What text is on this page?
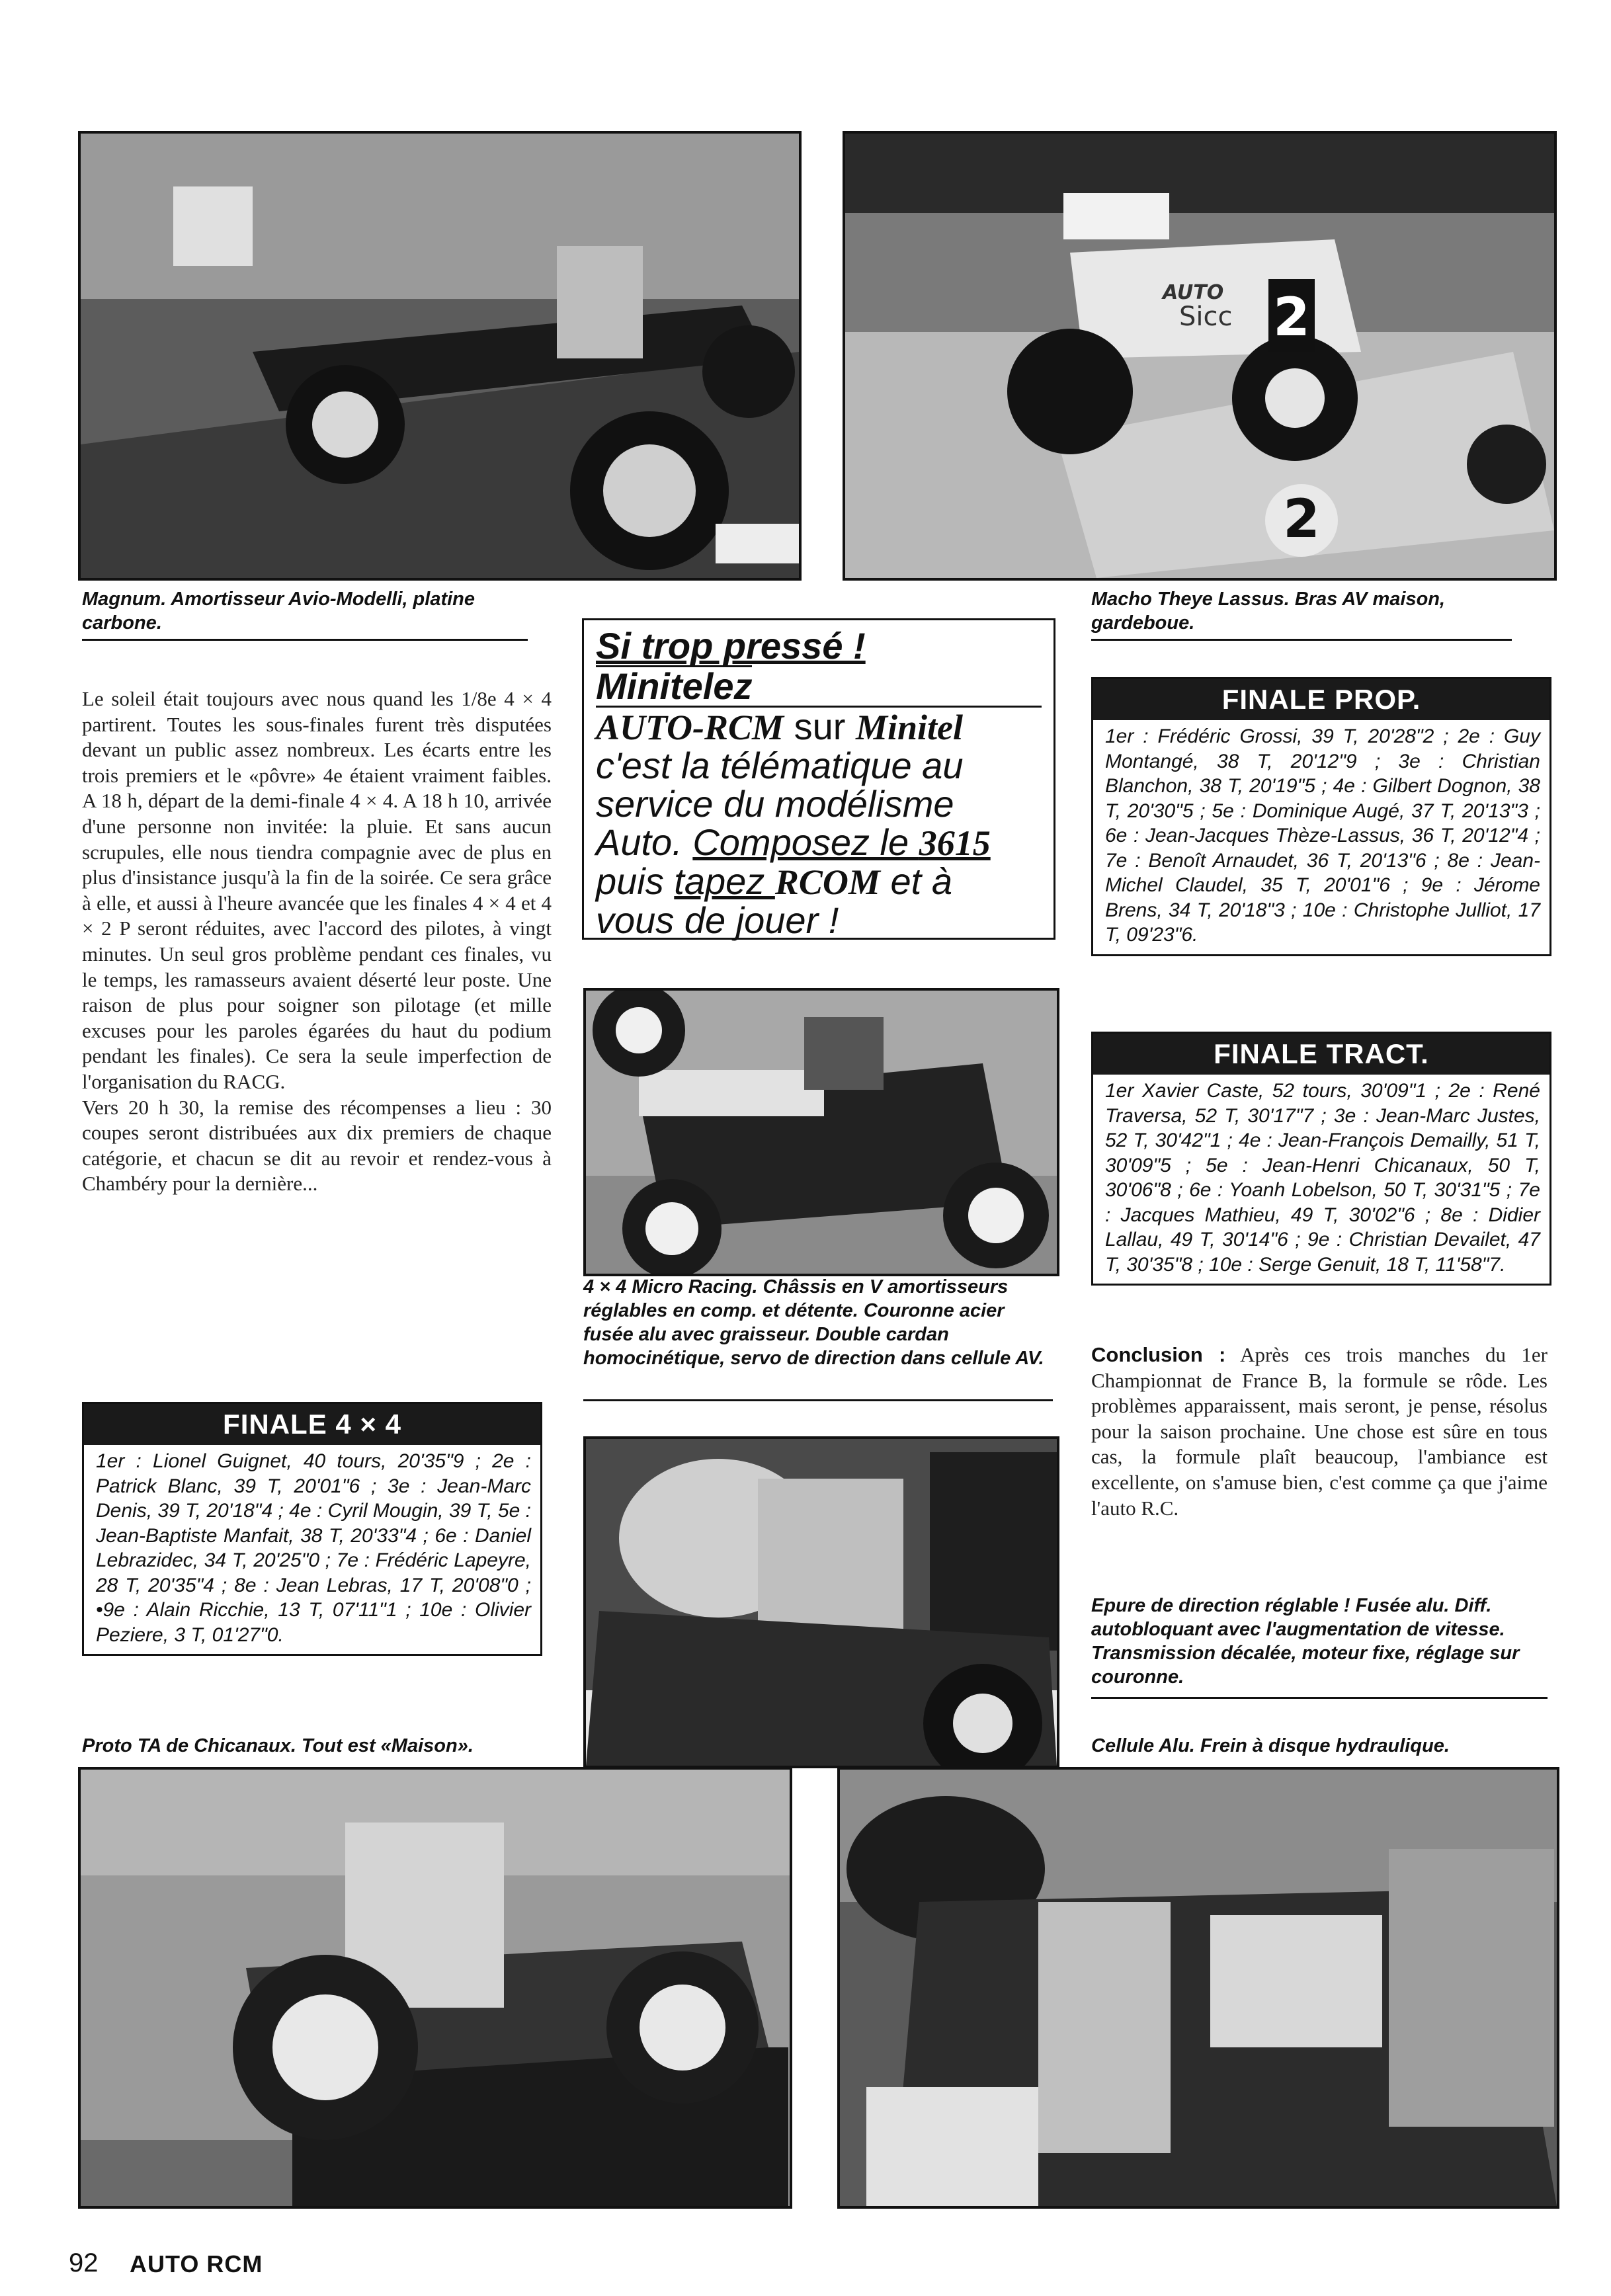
2
2
AUTO
Sicc
Magnum. Amortisseur Avio-Modelli, platine carbone.
Macho Theye Lassus. Bras AV maison, gardeboue.

Le soleil était toujours avec nous quand les 1/8e 4 × 4 partirent. Toutes les sous-finales furent très disputées devant un public assez nombreux. Les écarts entre les trois premiers et le «pôvre» 4e étaient vraiment faibles. A 18 h, départ de la demi-finale 4 × 4. A 18 h 10, arrivée d'une personne non invitée: la pluie. Et sans aucun scrupules, elle nous tiendra compagnie avec de plus en plus d'insistance jusqu'à la fin de la soirée. Ce sera grâce à elle, et aussi à l'heure avancée que les finales 4 × 4 et 4 × 2 P seront réduites, avec l'accord des pilotes, à vingt minutes. Un seul gros problème pendant ces finales, vu le temps, les ramasseurs avaient déserté leur poste. Une raison de plus pour soigner son pilotage (et mille excuses pour les paroles égarées du haut du podium pendant les finales). Ce sera la seule imperfection de l'organisation du RACG.

Vers 20 h 30, la remise des récompenses a lieu : 30 coupes seront distribuées aux dix premiers de chaque catégorie, et chacun se dit au revoir et rendez-vous à Chambéry pour la dernière...

Si trop pressé !
Minitelez
AUTO-RCM sur Minitel
c'est la télématique au
service du modélisme
Auto. Composez le 3615
puis tapez RCOM et à
vous de jouer !
FINALE PROP.
1er : Frédéric Grossi, 39 T, 20'28"2 ; 2e : Guy Montangé, 38 T, 20'12"9 ; 3e : Christian Blanchon, 38 T, 20'19"5 ; 4e : Gilbert Dognon, 38 T, 20'30"5 ; 5e : Dominique Augé, 37 T, 20'13"3 ; 6e : Jean-Jacques Thèze-Lassus, 36 T, 20'12"4 ; 7e : Benoît Arnaudet, 36 T, 20'13"6 ; 8e : Jean-Michel Claudel, 35 T, 20'01"6 ; 9e : Jérome Brens, 34 T, 20'18"3 ; 10e : Christophe Julliot, 17 T, 09'23"6.
4 × 4 Micro Racing. Châssis en V amortisseurs réglables en comp. et détente. Couronne acier fusée alu avec graisseur. Double cardan homocinétique, servo de direction dans cellule AV.
FINALE TRACT.
1er Xavier Caste, 52 tours, 30'09"1 ; 2e : René Traversa, 52 T, 30'17"7 ; 3e : Jean-Marc Justes, 52 T, 30'42"1 ; 4e : Jean-François Demailly, 51 T, 30'09"5 ; 5e : Jean-Henri Chicanaux, 50 T, 30'06"8 ; 6e : Yoanh Lobelson, 50 T, 30'31"5 ; 7e : Jacques Mathieu, 49 T, 30'02"6 ; 8e : Didier Lallau, 49 T, 30'14"6 ; 9e : Christian Devailet, 47 T, 30'35"8 ; 10e : Serge Genuit, 18 T, 11'58"7.

Conclusion : Après ces trois manches du 1er Championnat de France B, la formule se rôde. Les problèmes apparaissent, mais seront, je pense, résolus pour la saison prochaine. Une chose est sûre en tous cas, la formule plaît beaucoup, l'ambiance est excellente, on s'amuse bien, c'est comme ça que j'aime l'auto R.C.

FINALE 4 × 4
1er : Lionel Guignet, 40 tours, 20'35"9 ; 2e : Patrick Blanc, 39 T, 20'01"6 ; 3e : Jean-Marc Denis, 39 T, 20'18"4 ; 4e : Cyril Mougin, 39 T, 5e : Jean-Baptiste Manfait, 38 T, 20'33"4 ; 6e : Daniel Lebrazidec, 34 T, 20'25"0 ; 7e : Frédéric Lapeyre, 28 T, 20'35"4 ; 8e : Jean Lebras, 17 T, 20'08"0 ; •9e : Alain Ricchie, 13 T, 07'11"1 ; 10e : Olivier Peziere, 3 T, 01'27"0.
Epure de direction réglable ! Fusée alu. Diff. autobloquant avec l'augmentation de vitesse. Transmission décalée, moteur fixe, réglage sur couronne.
Proto TA de Chicanaux. Tout est «Maison».	Cellule Alu. Frein à disque hydraulique.
92 AUTO RCM
